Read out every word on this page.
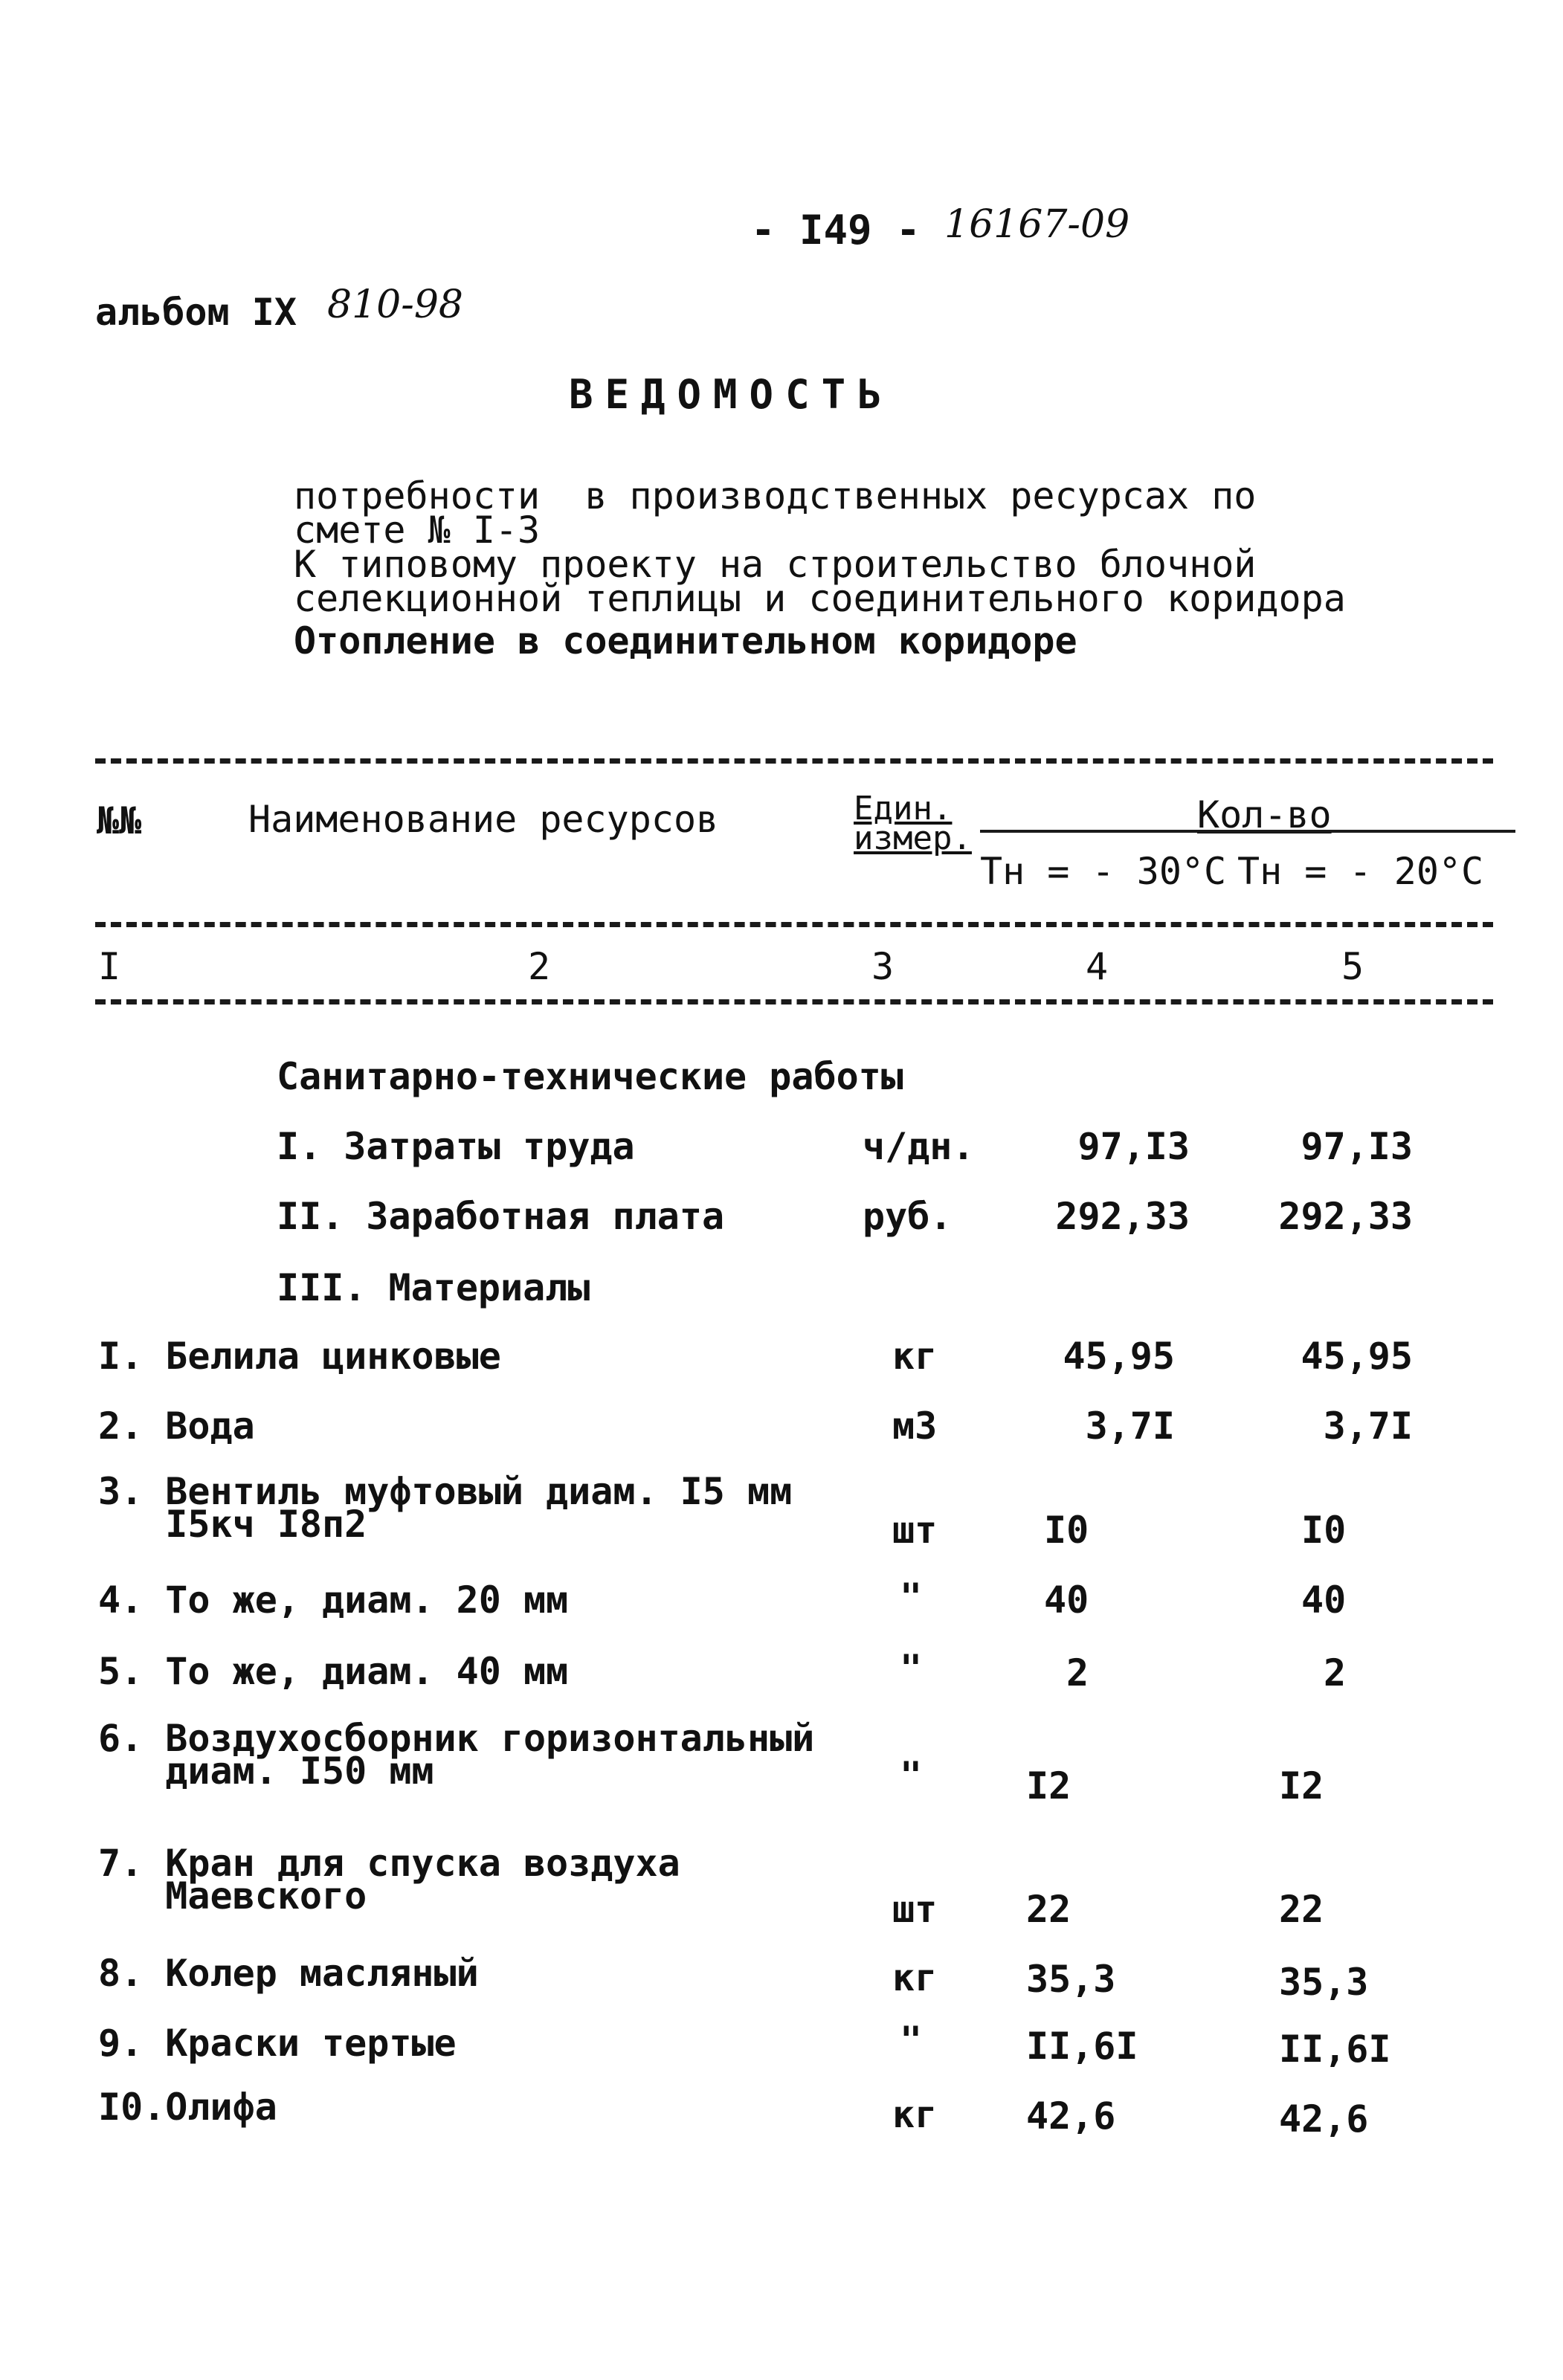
- I49 - 16167-09
альбом IX 810-98
ВЕДОМОСТЬ

потребности  в производственных ресурсах по
смете № I-3
К типовому проекту на строительство блочной
селекционной теплицы и соединительного коридора
Отопление в соединительном коридоре
№№	Наименование ресурсов	Един.
измер.
Кол-во
Тн = - 30°С Тн = - 20°С
I	2	3	4	5
Санитарно-технические работы
I. Затраты труда	ч/дн.	97,I3	97,I3
II. Заработная плата	руб.	292,33	292,33
III. Материалы
I. Белила цинковые	кг	45,95	45,95
2. Вода	м3	3,7I	3,7I
3. Вентиль муфтовый диам. I5 мм
I5кч I8п2	шт	I0	I0
4. То же, диам. 20 мм	"	40	40
5. То же, диам. 40 мм	"	2	2
6. Воздухосборник горизонтальный
диам. I50 мм	"	I2	I2
7. Кран для спуска воздуха
Маевского	шт 22	22
8. Колер масляный	кг 35,3	35,3
9. Краски тертые	"	II,6I	II,6I
I0.Олифа	кг 42,6	42,6
